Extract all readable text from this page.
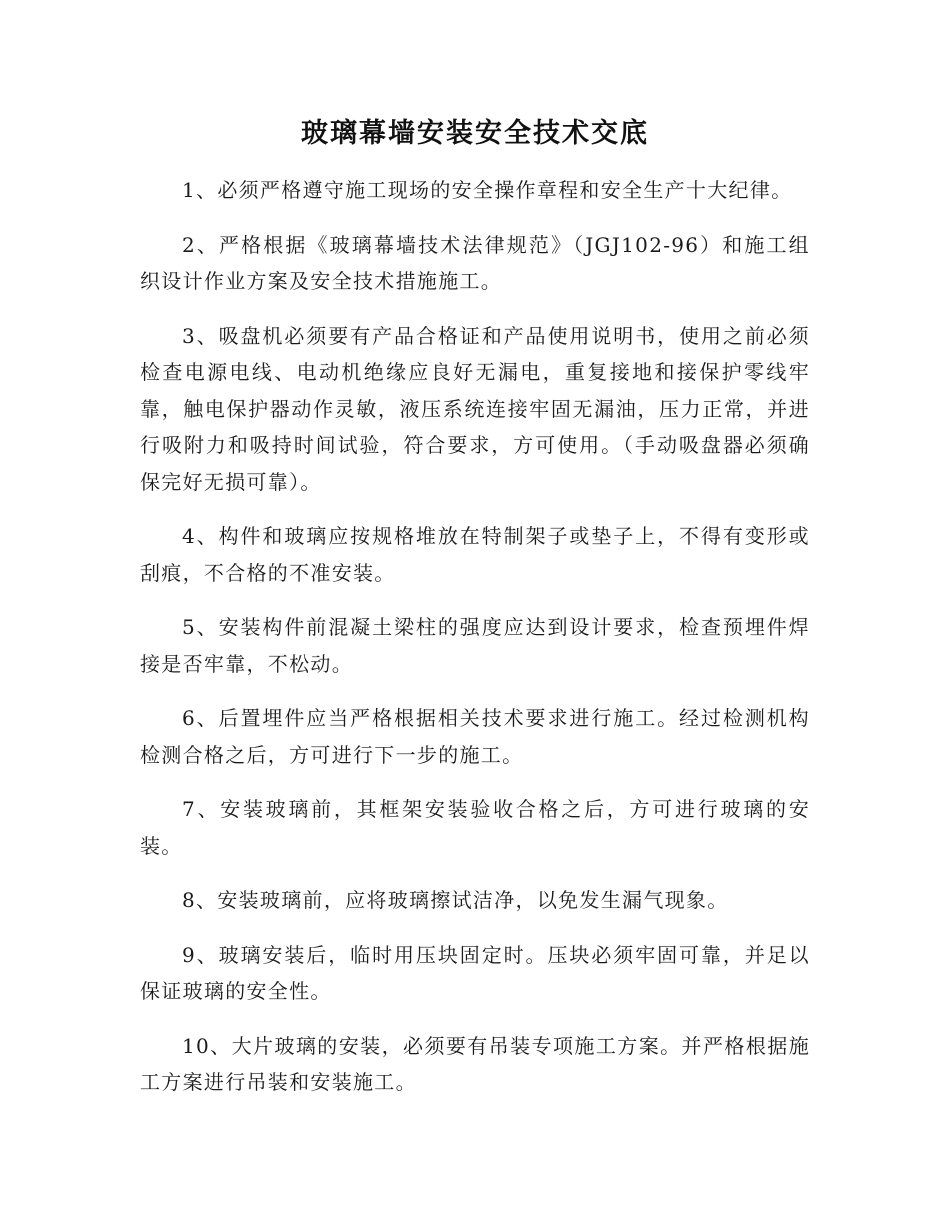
玻璃幕墙安装安全技术交底

1、必须严格遵守施工现场的安全操作章程和安全生产十大纪律。

2、严格根据《玻璃幕墙技术法律规范》（JGJ102-96）和施工组织设计作业方案及安全技术措施施工。

3、吸盘机必须要有产品合格证和产品使用说明书，使用之前必须检查电源电线、电动机绝缘应良好无漏电，重复接地和接保护零线牢靠，触电保护器动作灵敏，液压系统连接牢固无漏油，压力正常，并进行吸附力和吸持时间试验，符合要求，方可使用。（手动吸盘器必须确保完好无损可靠）。

4、构件和玻璃应按规格堆放在特制架子或垫子上，不得有变形或刮痕，不合格的不准安装。

5、安装构件前混凝土梁柱的强度应达到设计要求，检查预埋件焊接是否牢靠，不松动。

6、后置埋件应当严格根据相关技术要求进行施工。经过检测机构检测合格之后，方可进行下一步的施工。

7、安装玻璃前，其框架安装验收合格之后，方可进行玻璃的安装。

8、安装玻璃前，应将玻璃擦试洁净，以免发生漏气现象。

9、玻璃安装后，临时用压块固定时。压块必须牢固可靠，并足以保证玻璃的安全性。

10、大片玻璃的安装，必须要有吊装专项施工方案。并严格根据施工方案进行吊装和安装施工。
